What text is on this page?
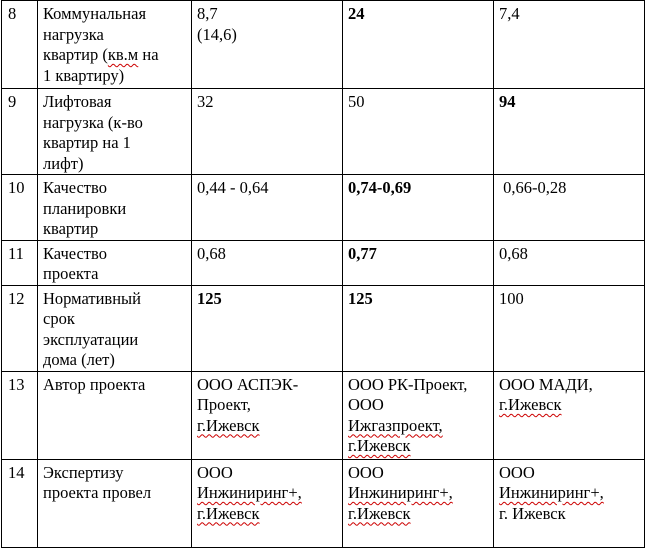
8	Коммунальная
нагрузка
квартир (кв.м на
1 квартиру)	8,7
(14,6)	24	7,4

9	Лифтовая
нагрузка (к-во
квартир на 1
лифт)	32	50	94

10	Качество
планировки
квартир	0,44 - 0,64	0,74-0,69	0,66-0,28

11	Качество
проекта	0,68	0,77	0,68

12	Нормативный
срок
эксплуатации
дома (лет)	125	125	100

13	Автор проекта	ООО АСПЭК-
Проект,
г.Ижевск	ООО РК-Проект,
ООО
Ижгазпроект,
г.Ижевск	ООО МАДИ,
г.Ижевск

14	Экспертизу
проекта провел	ООО
Инжиниринг+,
г.Ижевск	ООО
Инжиниринг+,
г.Ижевск	ООО
Инжиниринг+,
г. Ижевск
